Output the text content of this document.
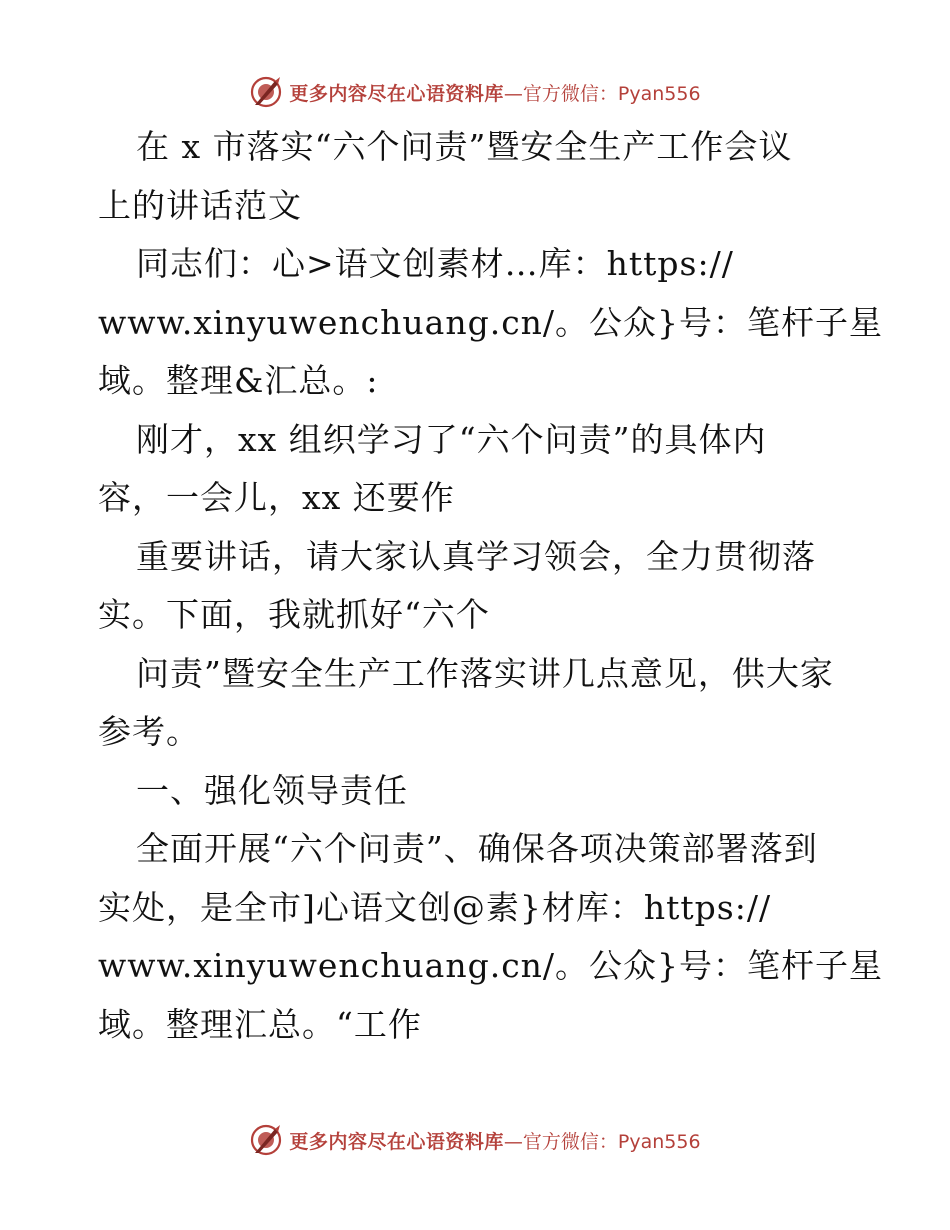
更多内容尽在心语资料库 —官方微信：Pyan556
在 x 市落实“六个问责”暨安全生产工作会议
上的讲话范文
同志们：心>语文创素材…库：https://
www.xinyuwenchuang.cn/。公众}号：笔杆子星
域。整理&汇总。:
刚才，xx 组织学习了“六个问责”的具体内
容，一会儿，xx 还要作
重要讲话，请大家认真学习领会，全力贯彻落
实。下面，我就抓好“六个
问责”暨安全生产工作落实讲几点意见，供大家
参考。
一、强化领导责任
全面开展“六个问责”、确保各项决策部署落到
实处，是全市]心语文创@素}材库：https://
www.xinyuwenchuang.cn/。公众}号：笔杆子星
域。整理汇总。“工作
更多内容尽在心语资料库 —官方微信：Pyan556
